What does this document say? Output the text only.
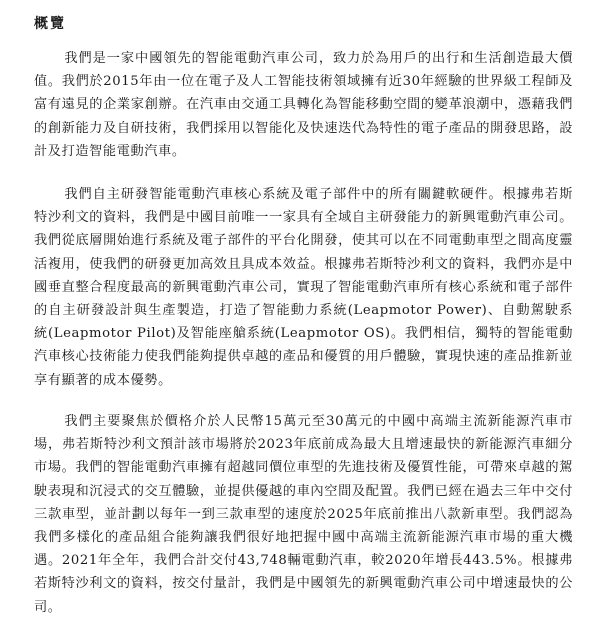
概覽

我們是一家中國領先的智能電動汽車公司，致力於為用戶的出行和生活創造最大價值。我們於2015年由一位在電子及人工智能技術領域擁有近30年經驗的世界級工程師及富有遠見的企業家創辦。在汽車由交通工具轉化為智能移動空間的變革浪潮中，憑藉我們的創新能力及自研技術，我們採用以智能化及快速迭代為特性的電子產品的開發思路，設計及打造智能電動汽車。

我們自主研發智能電動汽車核心系統及電子部件中的所有關鍵軟硬件。根據弗若斯特沙利文的資料，我們是中國目前唯一一家具有全域自主研發能力的新興電動汽車公司。我們從底層開始進行系統及電子部件的平台化開發，使其可以在不同電動車型之間高度靈活複用，使我們的研發更加高效且具成本效益。根據弗若斯特沙利文的資料，我們亦是中國垂直整合程度最高的新興電動汽車公司，實現了智能電動汽車所有核心系統和電子部件的自主研發設計與生產製造，打造了智能動力系統(Leapmotor Power)、自動駕駛系統(Leapmotor Pilot)及智能座艙系統(Leapmotor OS)。我們相信，獨特的智能電動汽車核心技術能力使我們能夠提供卓越的產品和優質的用戶體驗，實現快速的產品推新並享有顯著的成本優勢。

我們主要聚焦於價格介於人民幣15萬元至30萬元的中國中高端主流新能源汽車市場，弗若斯特沙利文預計該市場將於2023年底前成為最大且增速最快的新能源汽車細分市場。我們的智能電動汽車擁有超越同價位車型的先進技術及優質性能，可帶來卓越的駕駛表現和沉浸式的交互體驗，並提供優越的車內空間及配置。我們已經在過去三年中交付三款車型，並計劃以每年一到三款車型的速度於2025年底前推出八款新車型。我們認為我們多樣化的產品組合能夠讓我們很好地把握中國中高端主流新能源汽車市場的重大機遇。2021年全年，我們合計交付43,748輛電動汽車，較2020年增長443.5%。根據弗若斯特沙利文的資料，按交付量計，我們是中國領先的新興電動汽車公司中增速最快的公司。
